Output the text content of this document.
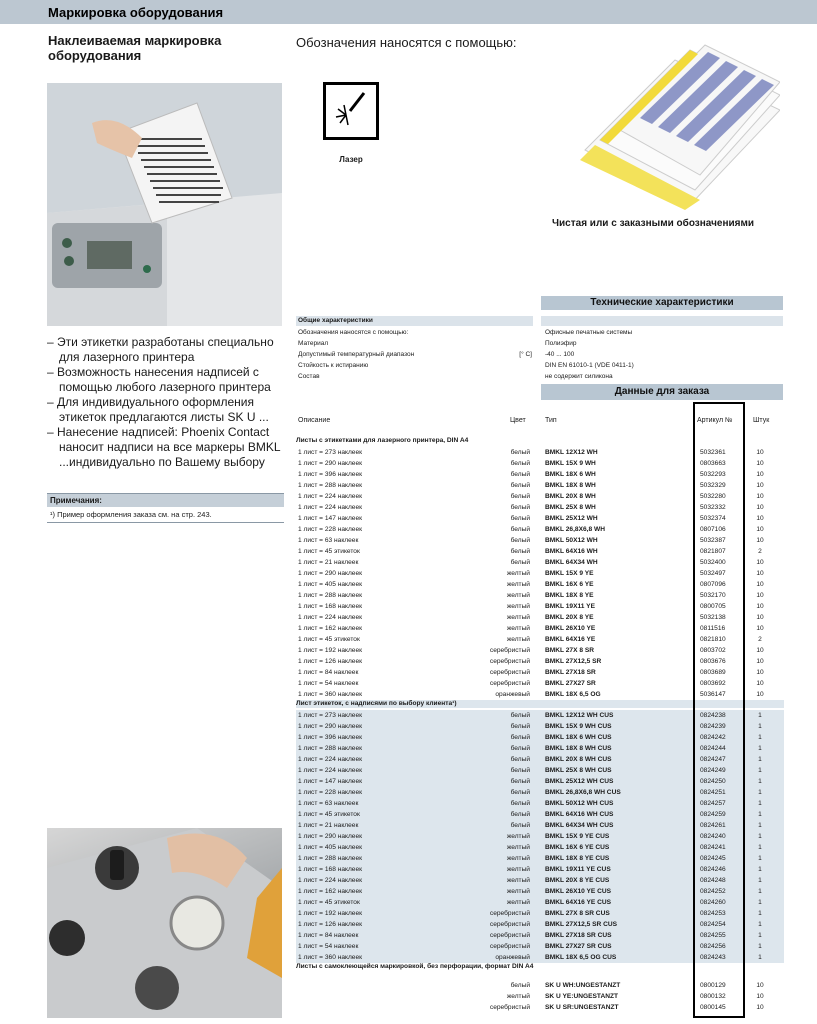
Маркировка оборудования
Наклеиваемая маркировка оборудования
Обозначения наносятся с помощью:
Лазер
Чистая или с заказными обозначениями
– Эти этикетки разработаны специально для лазерного принтера
– Возможность нанесения надписей с помощью любого лазерного принтера
– Для индивидуального оформления этикеток предлагаются листы SK U ...
– Нанесение надписей: Phoenix Contact наносит надписи на все маркеры BMKL ...индивидуально по Вашему выбору
Примечания:
¹) Пример оформления заказа см. на стр. 243.
Технические характеристики
Общие характеристики
Обозначения наносятся с помощью:	Офисные печатные системы
Материал	Полиэфир
Допустимый температурный диапазон	[° C] -40 ... 100
Стойкость к истиранию	DIN EN 61010-1 (VDE 0411-1)
Состав	не содержит силикона
Данные для заказа
Описание	Цвет	Тип	Артикул №	Штук
Листы с этикетками для лазерного принтера, DIN A4
1 лист = 273 наклеек	белый BMKL 12X12 WH	5032361	10
1 лист = 290 наклеек	белый BMKL 15X 9 WH	0803663	10
1 лист = 396 наклеек	белый BMKL 18X 6 WH	5032293	10
1 лист = 288 наклеек	белый BMKL 18X 8 WH	5032329	10
1 лист = 224 наклеек	белый BMKL 20X 8 WH	5032280	10
1 лист = 224 наклеек	белый BMKL 25X 8 WH	5032332	10
1 лист = 147 наклеек	белый BMKL 25X12 WH	5032374	10
1 лист = 228 наклеек	белый BMKL 26,8X6,8 WH	0807106	10
1 лист = 63 наклеек	белый BMKL 50X12 WH	5032387	10
1 лист = 45 этикеток	белый BMKL 64X16 WH	0821807	2
1 лист = 21 наклеек	белый BMKL 64X34 WH	5032400	10
1 лист = 290 наклеек	желтый BMKL 15X 9 YE	5032497	10
1 лист = 405 наклеек	желтый BMKL 16X 6 YE	0807096	10
1 лист = 288 наклеек	желтый BMKL 18X 8 YE	5032170	10
1 лист = 168 наклеек	желтый BMKL 19X11 YE	0800705	10
1 лист = 224 наклеек	желтый BMKL 20X 8 YE	5032138	10
1 лист = 162 наклеек	желтый BMKL 26X10 YE	0811516	10
1 лист = 45 этикеток	желтый BMKL 64X16 YE	0821810	2
1 лист = 192 наклеек	серебристый BMKL 27X 8 SR	0803702	10
1 лист = 126 наклеек	серебристый BMKL 27X12,5 SR	0803676	10
1 лист = 84 наклеек	серебристый BMKL 27X18 SR	0803689	10
1 лист = 54 наклеек	серебристый BMKL 27X27 SR	0803692	10
1 лист = 360 наклеек	оранжевый BMKL 18X 6,5 OG	5036147	10
Лист этикеток, с надписями по выбору клиента¹)
1 лист = 273 наклеек	белый BMKL 12X12 WH CUS	0824238	1
1 лист = 290 наклеек	белый BMKL 15X 9 WH CUS	0824239	1
1 лист = 396 наклеек	белый BMKL 18X 6 WH CUS	0824242	1
1 лист = 288 наклеек	белый BMKL 18X 8 WH CUS	0824244	1
1 лист = 224 наклеек	белый BMKL 20X 8 WH CUS	0824247	1
1 лист = 224 наклеек	белый BMKL 25X 8 WH CUS	0824249	1
1 лист = 147 наклеек	белый BMKL 25X12 WH CUS	0824250	1
1 лист = 228 наклеек	белый BMKL 26,8X6,8 WH CUS	0824251	1
1 лист = 63 наклеек	белый BMKL 50X12 WH CUS	0824257	1
1 лист = 45 этикеток	белый BMKL 64X16 WH CUS	0824259	1
1 лист = 21 наклеек	белый BMKL 64X34 WH CUS	0824261	1
1 лист = 290 наклеек	желтый BMKL 15X 9 YE CUS	0824240	1
1 лист = 405 наклеек	желтый BMKL 16X 6 YE CUS	0824241	1
1 лист = 288 наклеек	желтый BMKL 18X 8 YE CUS	0824245	1
1 лист = 168 наклеек	желтый BMKL 19X11 YE CUS	0824246	1
1 лист = 224 наклеек	желтый BMKL 20X 8 YE CUS	0824248	1
1 лист = 162 наклеек	желтый BMKL 26X10 YE CUS	0824252	1
1 лист = 45 этикеток	желтый BMKL 64X16 YE CUS	0824260	1
1 лист = 192 наклеек	серебристый BMKL 27X 8 SR CUS	0824253	1
1 лист = 126 наклеек	серебристый BMKL 27X12,5 SR CUS	0824254	1
1 лист = 84 наклеек	серебристый BMKL 27X18 SR CUS	0824255	1
1 лист = 54 наклеек	серебристый BMKL 27X27 SR CUS	0824256	1
1 лист = 360 наклеек	оранжевый BMKL 18X 6,5 OG CUS	0824243	1
Листы с самоклеющейся маркировкой, без перфорации, формат DIN A4
белый SK U WH:UNGESTANZT	0800129	10
желтый SK U YE:UNGESTANZT	0800132	10
серебристый SK U SR:UNGESTANZT	0800145	10
